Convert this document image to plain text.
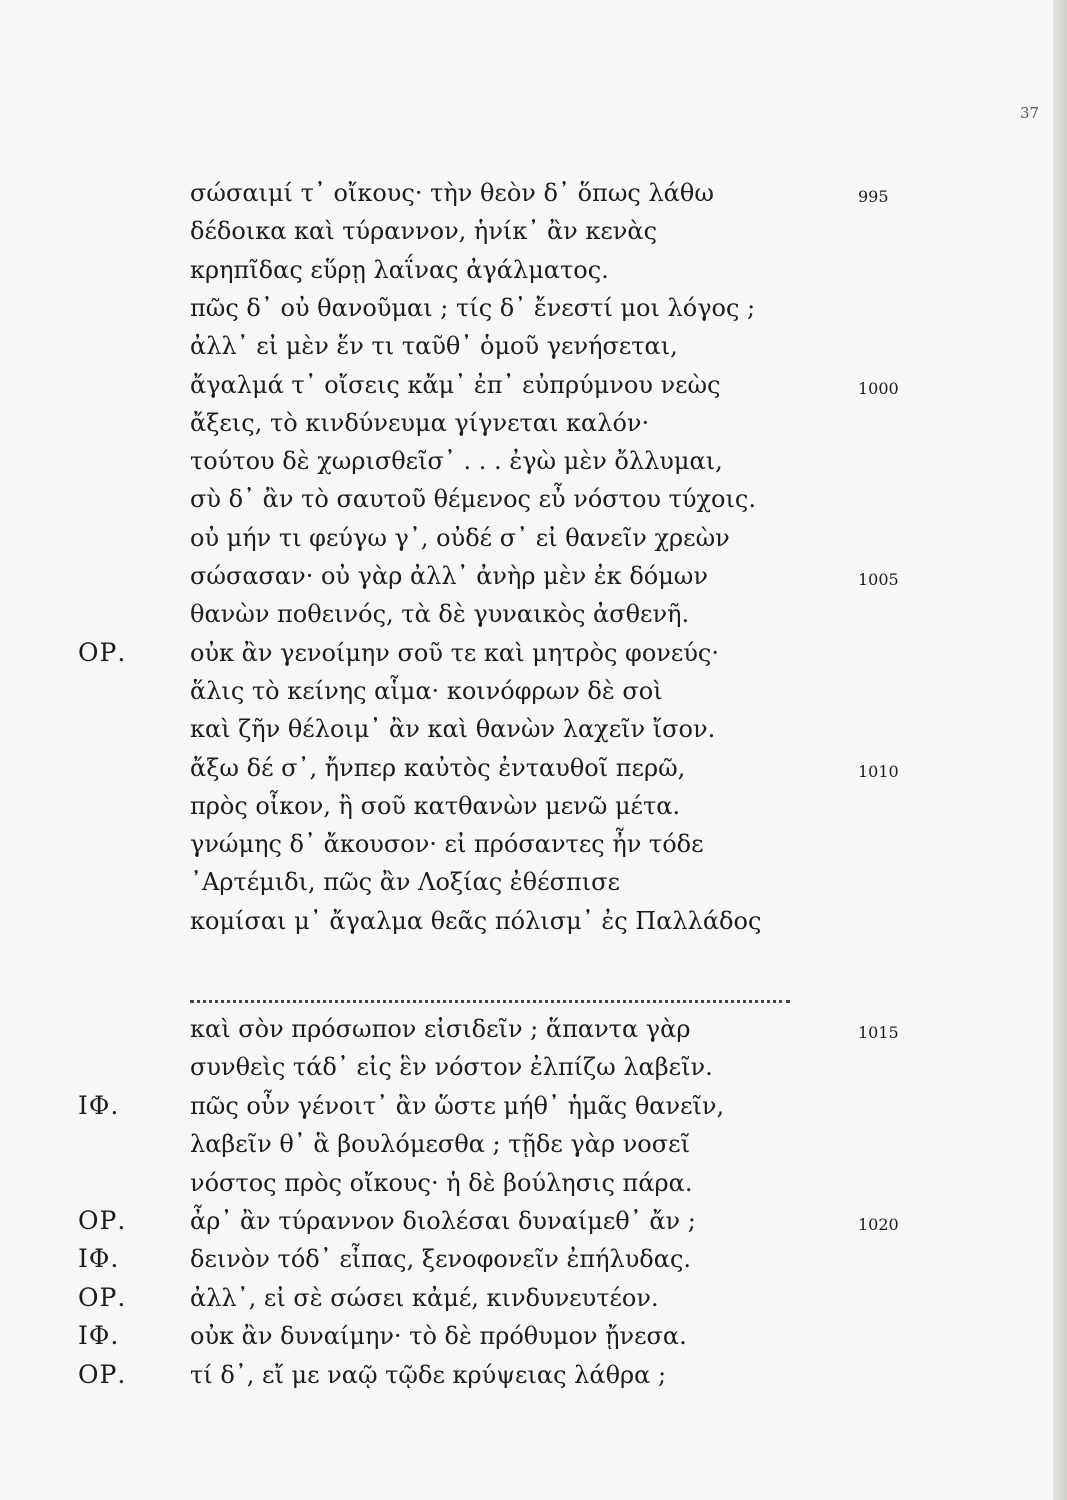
37
σώσαιμί τ᾽ οἴκους· τὴν θεὸν δ᾽ ὅπως λάθω	995
δέδοικα καὶ τύραννον, ἡνίκ᾽ ἂν κενὰς
κρηπῖδας εὕρῃ λαΐνας ἀγάλματος.
πῶς δ᾽ οὐ θανοῦμαι ; τίς δ᾽ ἔνεστί μοι λόγος ;
ἀλλ᾽ εἰ μὲν ἕν τι ταῦθ᾽ ὁμοῦ γενήσεται,
ἄγαλμά τ᾽ οἴσεις κἄμ᾽ ἐπ᾽ εὐπρύμνου νεὼς	1000
ἄξεις, τὸ κινδύνευμα γίγνεται καλόν·
τούτου δὲ χωρισθεῖσ᾽ . . . ἐγὼ μὲν ὄλλυμαι,
σὺ δ᾽ ἂν τὸ σαυτοῦ θέμενος εὖ νόστου τύχοις.
οὐ μήν τι φεύγω γ᾽, οὐδέ σ᾽ εἰ θανεῖν χρεὼν
σώσασαν· οὐ γὰρ ἀλλ᾽ ἀνὴρ μὲν ἐκ δόμων	1005
θανὼν ποθεινός, τὰ δὲ γυναικὸς ἀσθενῆ.
ΟΡ.	οὐκ ἂν γενοίμην σοῦ τε καὶ μητρὸς φονεύς·
ἅλις τὸ κείνης αἷμα· κοινόφρων δὲ σοὶ
καὶ ζῆν θέλοιμ᾽ ἂν καὶ θανὼν λαχεῖν ἴσον.
ἄξω δέ σ᾽, ἤνπερ καὐτὸς ἐνταυθοῖ περῶ,	1010
πρὸς οἶκον, ἢ σοῦ κατθανὼν μενῶ μέτα.
γνώμης δ᾽ ἄκουσον· εἰ πρόσαντες ἦν τόδε
᾽Αρτέμιδι, πῶς ἂν Λοξίας ἐθέσπισε
κομίσαι μ᾽ ἄγαλμα θεᾶς πόλισμ᾽ ἐς Παλλάδος
καὶ σὸν πρόσωπον εἰσιδεῖν ; ἅπαντα γὰρ	1015
συνθεὶς τάδ᾽ εἰς ἓν νόστον ἐλπίζω λαβεῖν.
ΙΦ.	πῶς οὖν γένοιτ᾽ ἂν ὥστε μήθ᾽ ἡμᾶς θανεῖν,
λαβεῖν θ᾽ ἃ βουλόμεσθα ; τῇδε γὰρ νοσεῖ
νόστος πρὸς οἴκους· ἡ δὲ βούλησις πάρα.
ΟΡ.	ἆρ᾽ ἂν τύραννον διολέσαι δυναίμεθ᾽ ἄν ;	1020
ΙΦ.	δεινὸν τόδ᾽ εἶπας, ξενοφονεῖν ἐπήλυδας.
ΟΡ.	ἀλλ᾽, εἰ σὲ σώσει κἀμέ, κινδυνευτέον.
ΙΦ.	οὐκ ἂν δυναίμην· τὸ δὲ πρόθυμον ᾔνεσα.
ΟΡ.	τί δ᾽, εἴ με ναῷ τῷδε κρύψειας λάθρα ;
